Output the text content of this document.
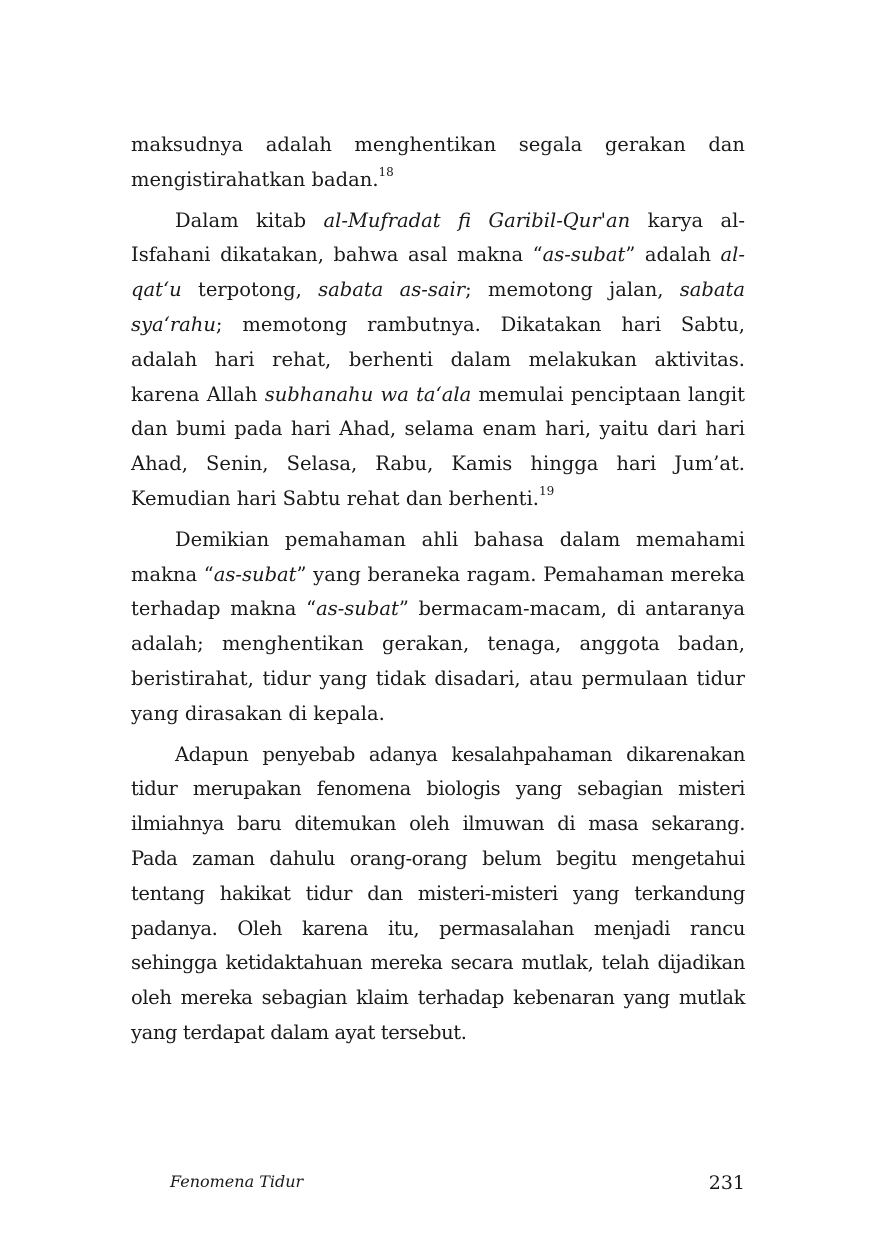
maksudnya adalah menghentikan segala gerakan dan mengistirahatkan badan.$^{18}$

Dalam kitab al-Mufradat fi Garibil-Qur'an karya al-Isfahani dikatakan, bahwa asal makna “as-subat” adalah al-qat‘u terpotong, sabata as-sair; memotong jalan, sabata sya‘rahu; memotong rambutnya. Dikatakan hari Sabtu, adalah hari rehat, berhenti dalam melakukan aktivitas. karena Allah subhanahu wa ta‘ala memulai penciptaan langit dan bumi pada hari Ahad, selama enam hari, yaitu dari hari Ahad, Senin, Selasa, Rabu, Kamis hingga hari Jum’at. Kemudian hari Sabtu rehat dan berhenti.$^{19}$

Demikian pemahaman ahli bahasa dalam memahami makna “as-subat” yang beraneka ragam. Pemahaman mereka terhadap makna “as-subat” bermacam-macam, di antaranya adalah; menghentikan gerakan, tenaga, anggota badan, beristirahat, tidur yang tidak disadari, atau permulaan tidur yang dirasakan di kepala.

Adapun penyebab adanya kesalahpahaman dikarenakan tidur merupakan fenomena biologis yang sebagian misteri ilmiahnya baru ditemukan oleh ilmuwan di masa sekarang. Pada zaman dahulu orang-orang belum begitu mengetahui tentang hakikat tidur dan misteri-misteri yang terkandung padanya. Oleh karena itu, permasalahan menjadi rancu sehingga ketidaktahuan mereka secara mutlak, telah dijadikan oleh mereka sebagian klaim terhadap kebenaran yang mutlak yang terdapat dalam ayat tersebut.

Fenomena Tidur	231
